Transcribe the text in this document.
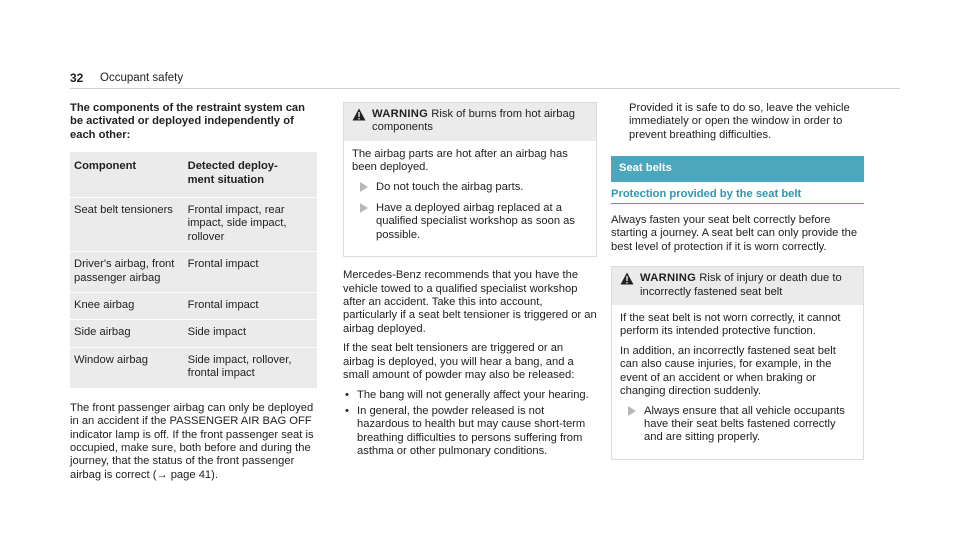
32 Occupant safety

The components of the restraint system can
be activated or deployed independently of
each other:

Component	Detected deploy-
ment situation
Seat belt tensioners	Frontal impact, rear impact, side impact, rollover
Driver's airbag, front passenger airbag	Frontal impact
Knee airbag	Frontal impact
Side airbag	Side impact
Window airbag	Side impact, rollover, frontal impact

The front passenger airbag can only be deployed in an accident if the PASSENGER AIR BAG OFF indicator lamp is off. If the front passenger seat is occupied, make sure, both before and during the journey, that the status of the front passenger airbag is correct (→ page 41).

WARNING Risk of burns from hot airbag components

The airbag parts are hot after an airbag has been deployed.

Do not touch the airbag parts.
Have a deployed airbag replaced at a qualified specialist workshop as soon as possible.

Mercedes-Benz recommends that you have the vehicle towed to a qualified specialist workshop after an accident. Take this into account, particularly if a seat belt tensioner is triggered or an airbag deployed.

If the seat belt tensioners are triggered or an airbag is deployed, you will hear a bang, and a small amount of powder may also be released:

• The bang will not generally affect your hearing.
• In general, the powder released is not hazardous to health but may cause short-term breathing difficulties to persons suffering from asthma or other pulmonary conditions.

Provided it is safe to do so, leave the vehicle immediately or open the window in order to prevent breathing difficulties.

Seat belts
Protection provided by the seat belt

Always fasten your seat belt correctly before starting a journey. A seat belt can only provide the best level of protection if it is worn correctly.

WARNING Risk of injury or death due to incorrectly fastened seat belt

If the seat belt is not worn correctly, it cannot perform its intended protective function.

In addition, an incorrectly fastened seat belt can also cause injuries, for example, in the event of an accident or when braking or changing direction suddenly.

Always ensure that all vehicle occupants have their seat belts fastened correctly and are sitting properly.
